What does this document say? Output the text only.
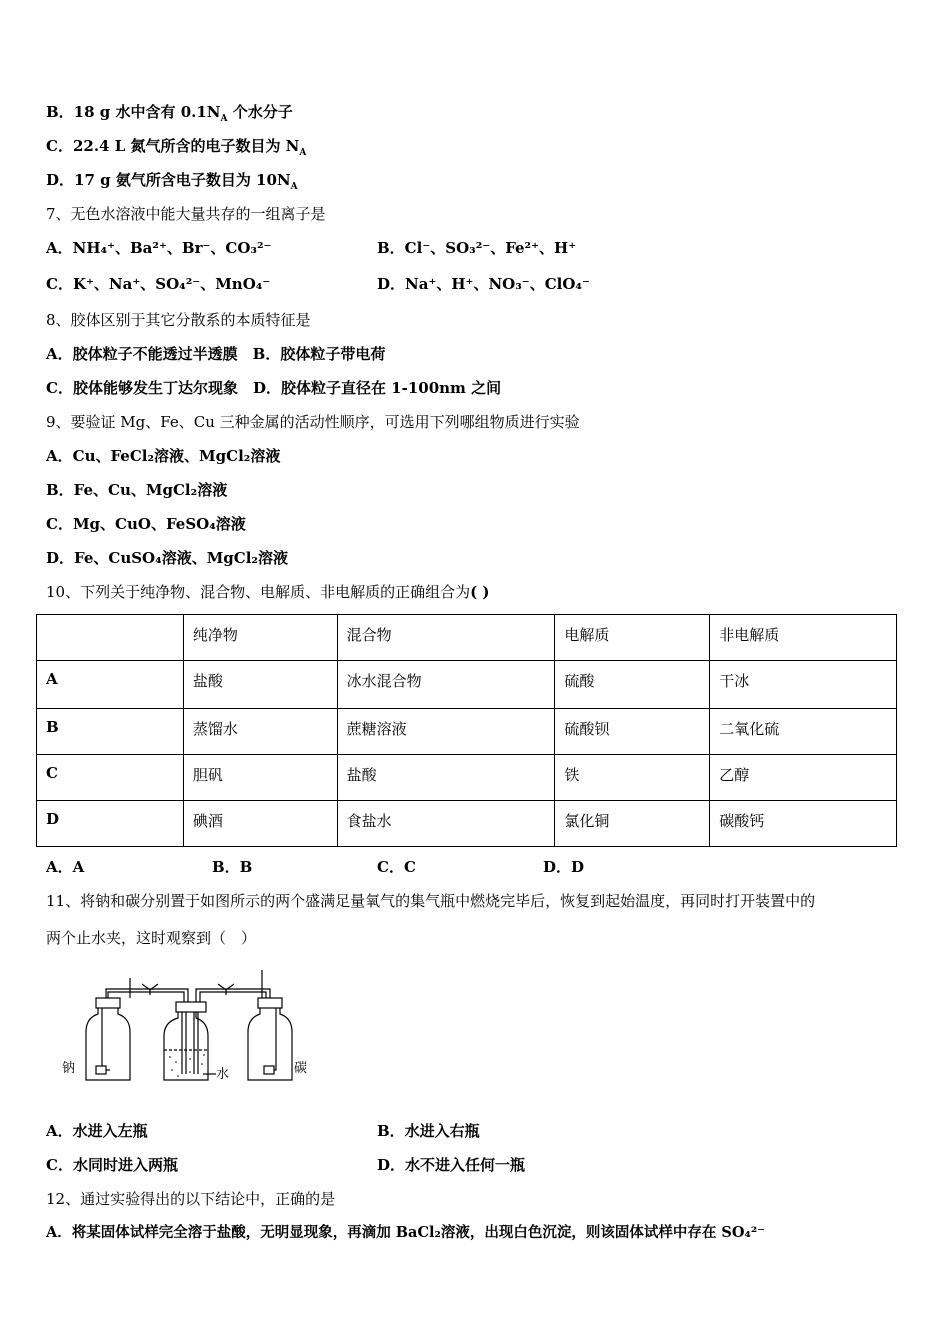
B．18 g 水中含有 $0.1N_A$ 个水分子
C．22.4 L 氮气所含的电子数目为 $N_A$
D．17 g 氨气所含电子数目为 $10N_A$
7、无色水溶液中能大量共存的一组离子是
A．NH₄⁺、Ba²⁺、Br⁻、CO₃²⁻	B．Cl⁻、SO₃²⁻、Fe²⁺、H⁺
C．K⁺、Na⁺、SO₄²⁻、MnO₄⁻	D．Na⁺、H⁺、NO₃⁻、ClO₄⁻
8、胶体区别于其它分散系的本质特征是
A．胶体粒子不能透过半透膜　B．胶体粒子带电荷
C．胶体能够发生丁达尔现象　D．胶体粒子直径在 1-100nm 之间
9、要验证 Mg、Fe、Cu 三种金属的活动性顺序，可选用下列哪组物质进行实验
A．Cu、FeCl₂溶液、MgCl₂溶液
B．Fe、Cu、MgCl₂溶液
C．Mg、CuO、FeSO₄溶液
D．Fe、CuSO₄溶液、MgCl₂溶液
10、下列关于纯净物、混合物、电解质、非电解质的正确组合为( )
	纯净物	混合物	电解质	非电解质
A	盐酸	冰水混合物	硫酸	干冰
B	蒸馏水	蔗糖溶液	硫酸钡	二氧化硫
C	胆矾	盐酸	铁	乙醇
D	碘酒	食盐水	氯化铜	碳酸钙
A．A	B．B	C．C	D．D
11、将钠和碳分别置于如图所示的两个盛满足量氧气的集气瓶中燃烧完毕后，恢复到起始温度，再同时打开装置中的
两个止水夹，这时观察到（　）
钠	水	碳
A．水进入左瓶	B．水进入右瓶
C．水同时进入两瓶	D．水不进入任何一瓶
12、通过实验得出的以下结论中，正确的是
A．将某固体试样完全溶于盐酸，无明显现象，再滴加 BaCl₂溶液，出现白色沉淀，则该固体试样中存在 SO₄²⁻
